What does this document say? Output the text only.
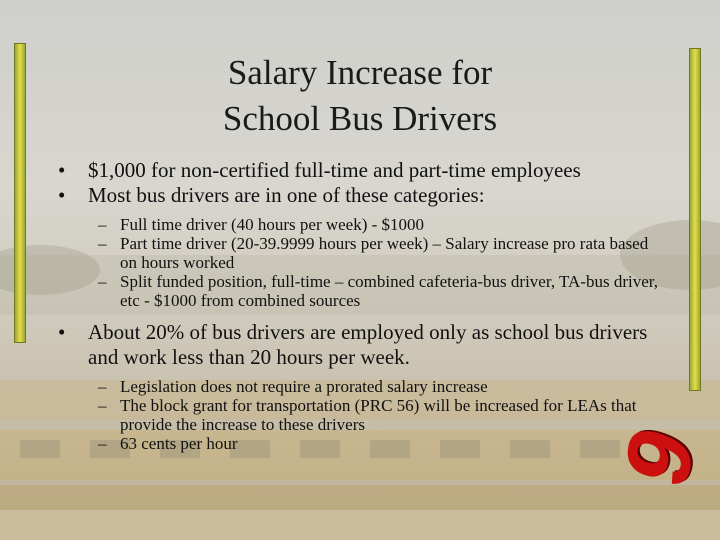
Salary Increase for
School Bus Drivers
• $1,000 for non-certified full-time and part-time employees
• Most bus drivers are in one of these categories:
– Full time driver (40 hours per week) - $1000
– Part time driver (20-39.9999 hours per week) – Salary increase pro rata based on hours worked
– Split funded position, full-time – combined cafeteria-bus driver, TA-bus driver, etc - $1000 from combined sources
• About 20% of bus drivers are employed only as school bus drivers and work less than 20 hours per week.
– Legislation does not require a prorated salary increase
– The block grant for transportation (PRC 56) will be increased for LEAs that provide the increase to these drivers
– 63 cents per hour	9
